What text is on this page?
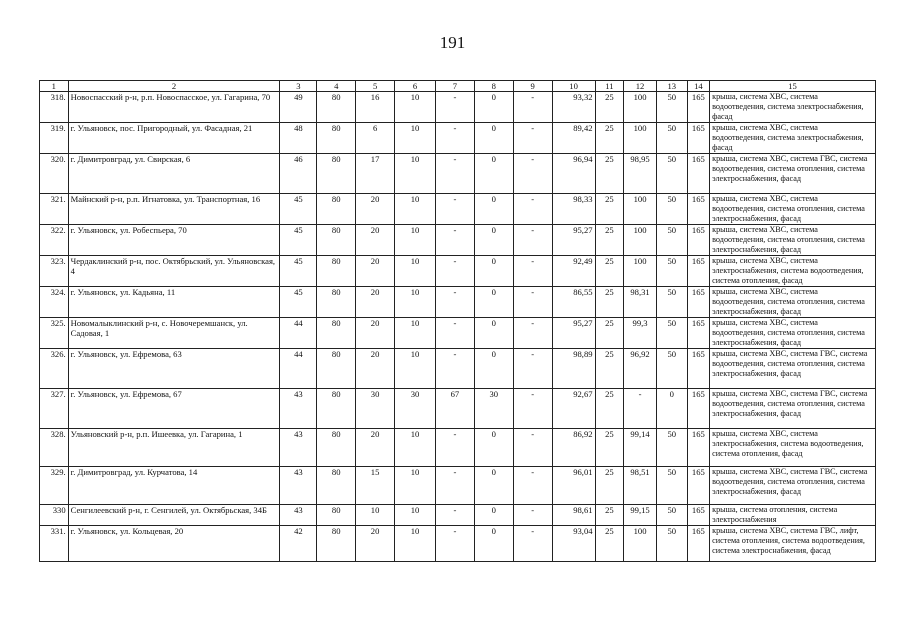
191
1	2	3	4	5	6	7	8	9	10	11	12	13	14	15
318.	Новоспасский р-н, р.п. Новоспасское, ул. Гагарина, 70	49	80	16	10	-	0	-	93,32	25	100	50	165	крыша, система ХВС, система водоотведения, система электроснабжения, фасад
319.	г. Ульяновск, пос. Пригородный, ул. Фасадная, 21	48	80	6	10	-	0	-	89,42	25	100	50	165	крыша, система ХВС, система водоотведения, система электроснабжения, фасад
320.	г. Димитровград, ул. Свирская, 6	46	80	17	10	-	0	-	96,94	25	98,95	50	165	крыша, система ХВС, система ГВС, система водоотведения, система отопления, система электроснабжения, фасад
321.	Майнский р-н, р.п. Игнатовка, ул. Транспортная, 16	45	80	20	10	-	0	-	98,33	25	100	50	165	крыша, система ХВС, система водоотведения, система отопления, система электроснабжения, фасад
322.	г. Ульяновск, ул. Робеспьера, 70	45	80	20	10	-	0	-	95,27	25	100	50	165	крыша, система ХВС, система водоотведения, система отопления, система электроснабжения, фасад
323.	Чердаклинский р-н, пос. Октябрьский, ул. Ульяновская, 4	45	80	20	10	-	0	-	92,49	25	100	50	165	крыша, система ХВС, система электроснабжения, система водоотведения, система отопления, фасад
324.	г. Ульяновск, ул. Кадьяна, 11	45	80	20	10	-	0	-	86,55	25	98,31	50	165	крыша, система ХВС, система водоотведения, система отопления, система электроснабжения, фасад
325.	Новомалыклинский р-н, с. Новочеремшанск, ул. Садовая, 1	44	80	20	10	-	0	-	95,27	25	99,3	50	165	крыша, система ХВС, система водоотведения, система отопления, система электроснабжения, фасад
326.	г. Ульяновск, ул. Ефремова, 63	44	80	20	10	-	0	-	98,89	25	96,92	50	165	крыша, система ХВС, система ГВС, система водоотведения, система отопления, система электроснабжения, фасад
327.	г. Ульяновск, ул. Ефремова, 67	43	80	30	30	67	30	-	92,67	25	-	0	165	крыша, система ХВС, система ГВС, система водоотведения, система отопления, система электроснабжения, фасад
328.	Ульяновский р-н, р.п. Ишеевка, ул. Гагарина, 1	43	80	20	10	-	0	-	86,92	25	99,14	50	165	крыша, система ХВС, система электроснабжения, система водоотведения, система отопления, фасад
329.	г. Димитровград, ул. Курчатова, 14	43	80	15	10	-	0	-	96,01	25	98,51	50	165	крыша, система ХВС, система ГВС, система водоотведения, система отопления, система электроснабжения, фасад
330	Сенгилеевский р-н, г. Сенгилей, ул. Октябрьская, 34Б	43	80	10	10	-	0	-	98,61	25	99,15	50	165	крыша, система отопления, система электроснабжения
331.	г. Ульяновск, ул. Кольцевая, 20	42	80	20	10	-	0	-	93,04	25	100	50	165	крыша, система ХВС, система ГВС, лифт, система отопления, система водоотведения, система электроснабжения, фасад
